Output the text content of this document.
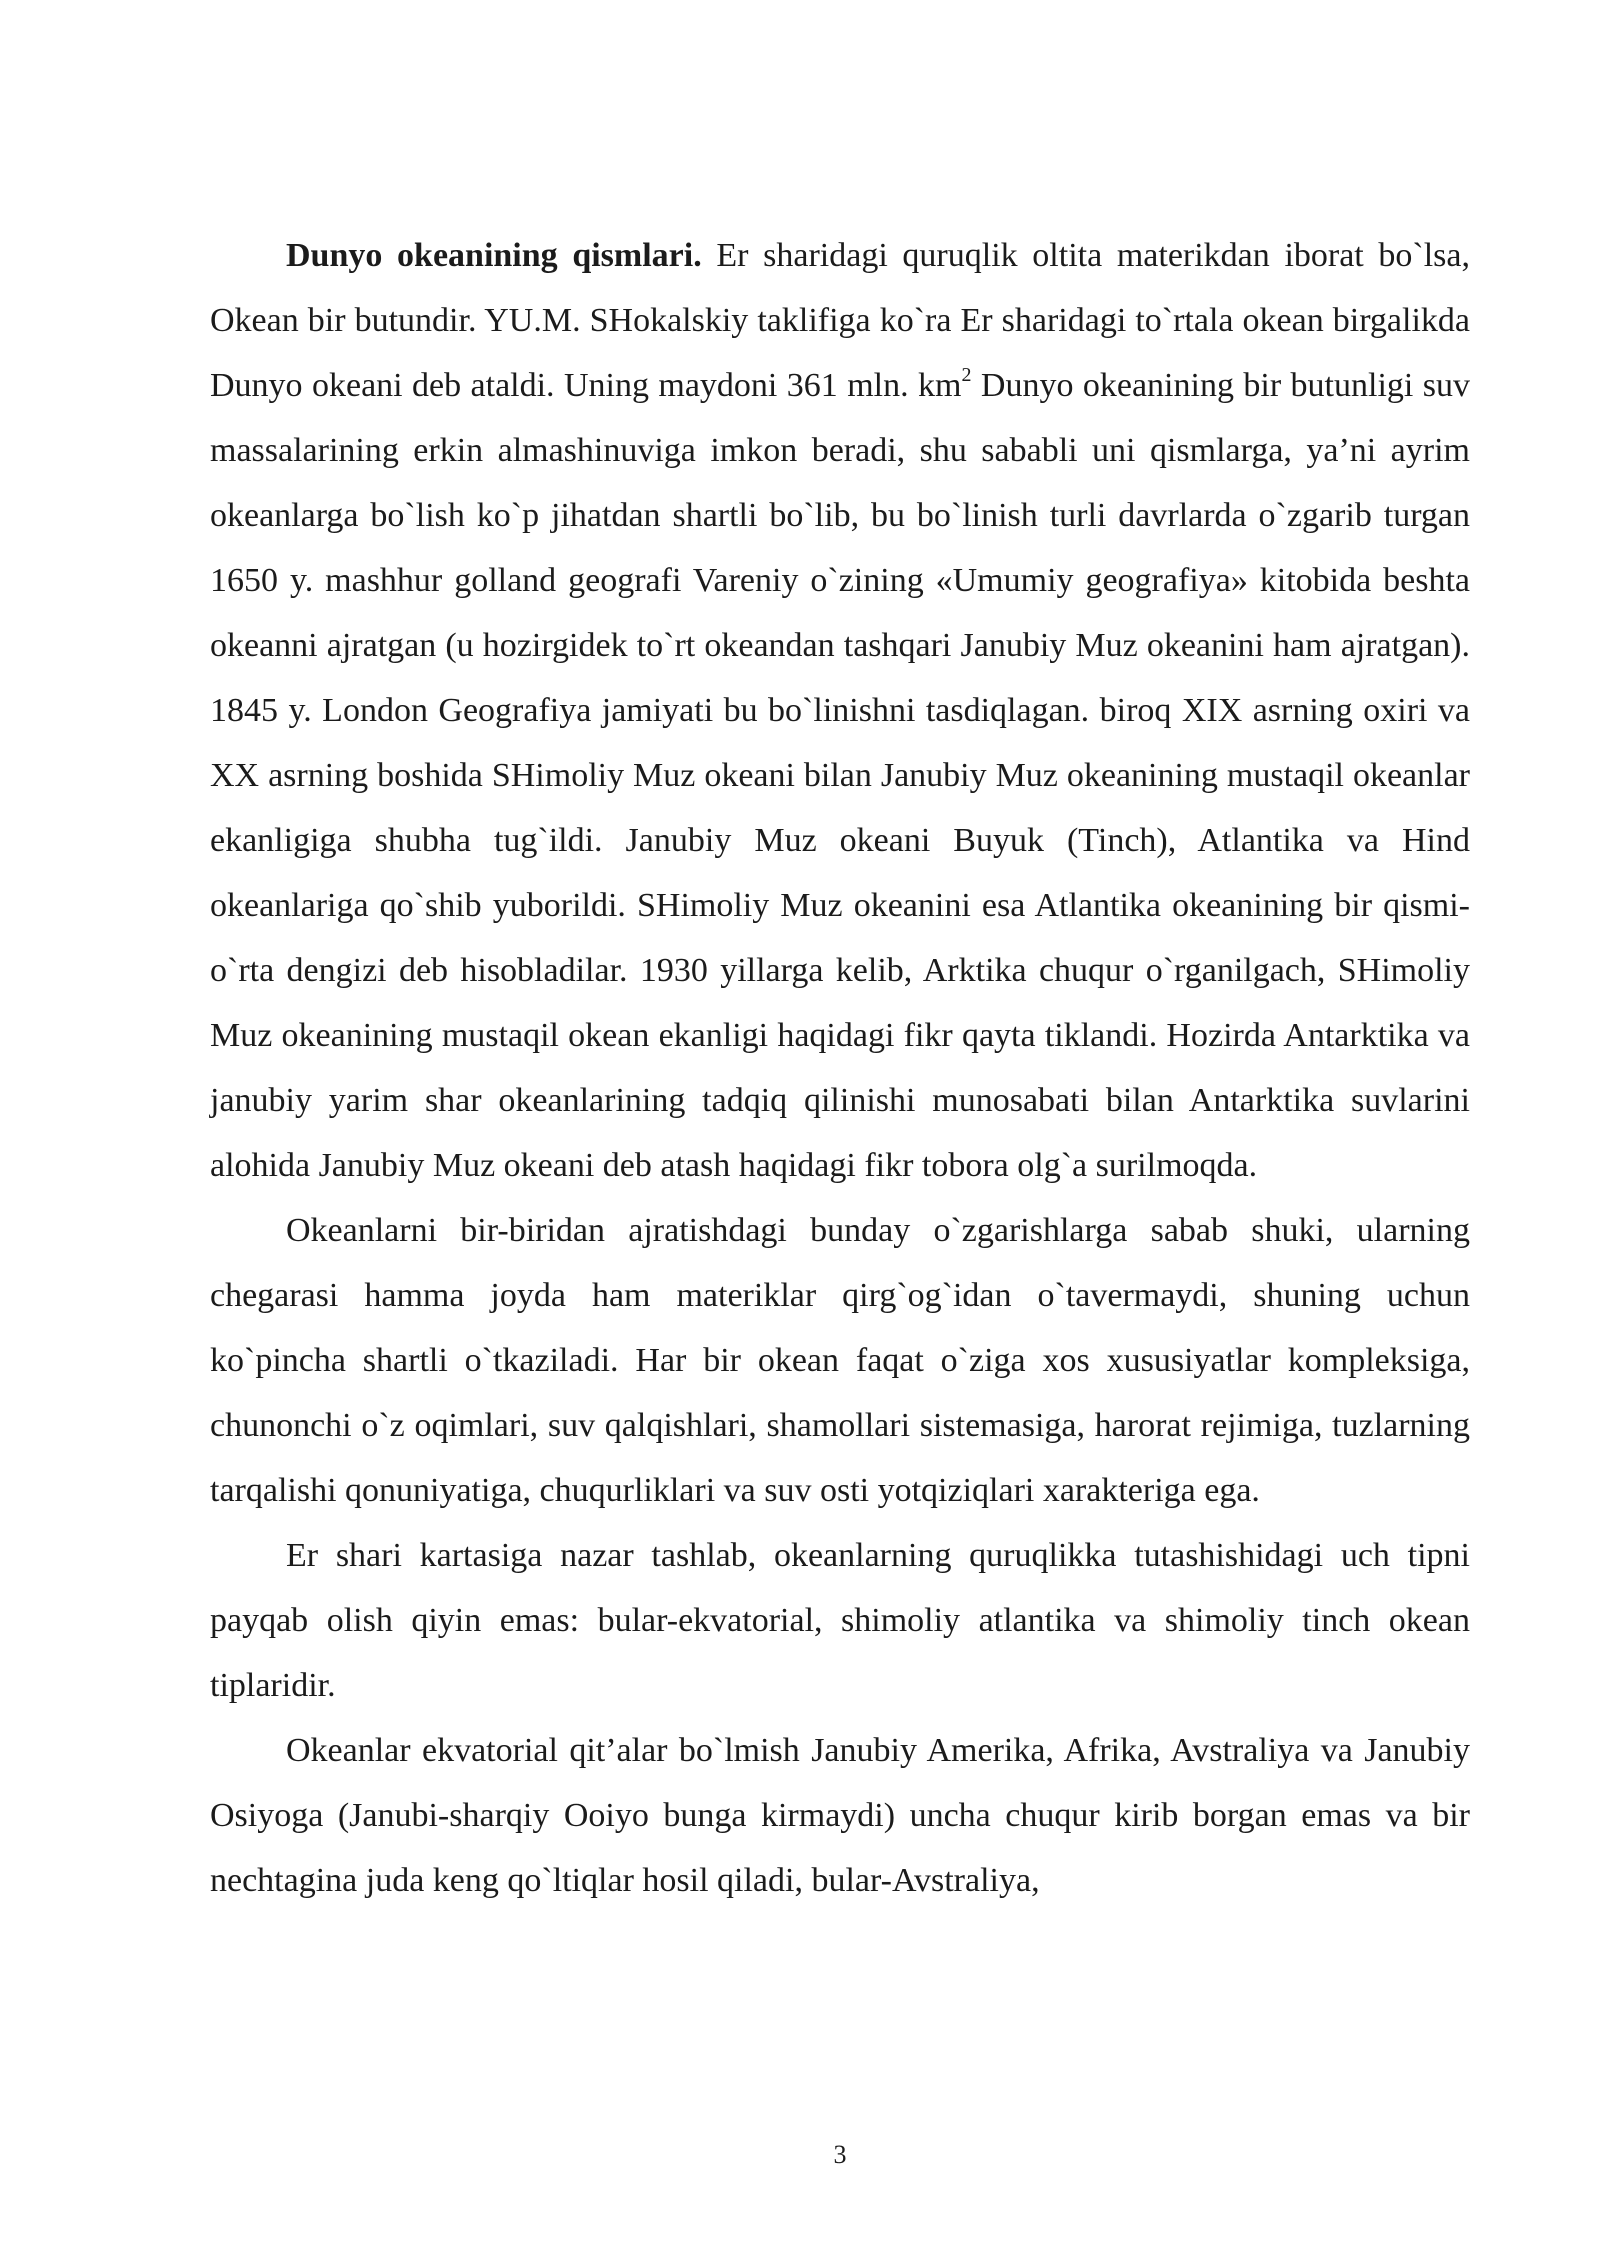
Dunyo okeanining qismlari. Er sharidagi quruqlik oltita materikdan iborat bo`lsa, Okean bir butundir. YU.M. SHokalskiy taklifiga ko`ra Er sharidagi to`rtala okean birgalikda Dunyo okeani deb ataldi. Uning maydoni 361 mln. $km^2$ Dunyo okeanining bir butunligi suv massalarining erkin almashinuviga imkon beradi, shu sababli uni qismlarga, ya’ni ayrim okeanlarga bo`lish ko`p jihatdan shartli bo`lib, bu bo`linish turli davrlarda o`zgarib turgan 1650 y. mashhur golland geografi Vareniy o`zining «Umumiy geografiya» kitobida beshta okeanni ajratgan (u hozirgidek to`rt okeandan tashqari Janubiy Muz okeanini ham ajratgan). 1845 y. London Geografiya jamiyati bu bo`linishni tasdiqlagan. biroq XIX asrning oxiri va XX asrning boshida SHimoliy Muz okeani bilan Janubiy Muz okeanining mustaqil okeanlar ekanligiga shubha tug`ildi. Janubiy Muz okeani Buyuk (Tinch), Atlantika va Hind okeanlariga qo`shib yuborildi. SHimoliy Muz okeanini esa Atlantika okeanining bir qismi-o`rta dengizi deb hisobladilar. 1930 yillarga kelib, Arktika chuqur o`rganilgach, SHimoliy Muz okeanining mustaqil okean ekanligi haqidagi fikr qayta tiklandi. Hozirda Antarktika va janubiy yarim shar okeanlarining tadqiq qilinishi munosabati bilan Antarktika suvlarini alohida Janubiy Muz okeani deb atash haqidagi fikr tobora olg`a surilmoqda.

Okeanlarni bir-biridan ajratishdagi bunday o`zgarishlarga sabab shuki, ularning chegarasi hamma joyda ham materiklar qirg`og`idan o`tavermaydi, shuning uchun ko`pincha shartli o`tkaziladi. Har bir okean faqat o`ziga xos xususiyatlar kompleksiga, chunonchi o`z oqimlari, suv qalqishlari, shamollari sistemasiga, harorat rejimiga, tuzlarning tarqalishi qonuniyatiga, chuqurliklari va suv osti yotqiziqlari xarakteriga ega.

Er shari kartasiga nazar tashlab, okeanlarning quruqlikka tutashishidagi uch tipni payqab olish qiyin emas: bular-ekvatorial, shimoliy atlantika va shimoliy tinch okean tiplaridir.

Okeanlar ekvatorial qit’alar bo`lmish Janubiy Amerika, Afrika, Avstraliya va Janubiy Osiyoga (Janubi-sharqiy Ooiyo bunga kirmaydi) uncha chuqur kirib borgan emas va bir nechtagina juda keng qo`ltiqlar hosil qiladi, bular-Avstraliya,

3
